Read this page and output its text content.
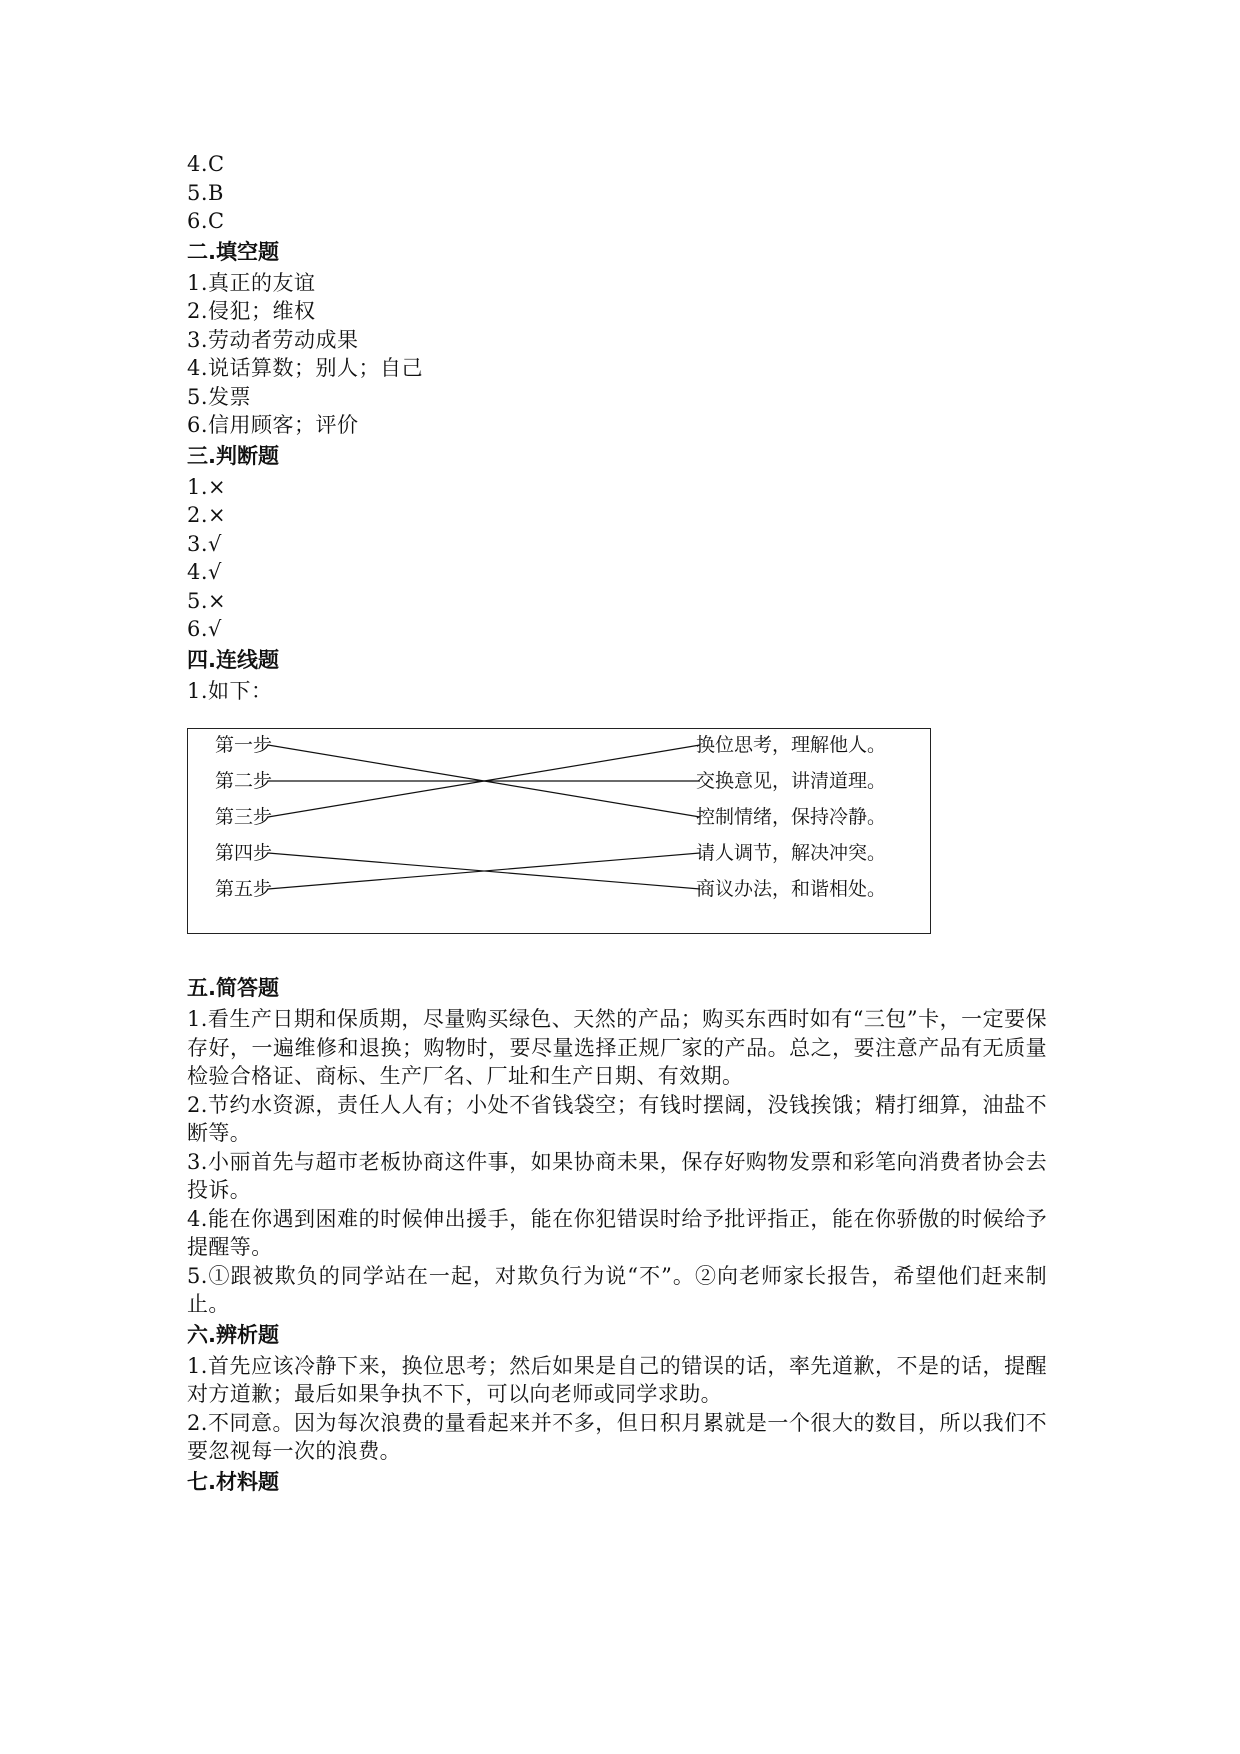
4.C
5.B
6.C
二.填空题
1.真正的友谊
2.侵犯；维权
3.劳动者劳动成果
4.说话算数；别人；自己
5.发票
6.信用顾客；评价
三.判断题
1.×
2.×
3.√
4.√
5.×
6.√
四.连线题
1.如下：
第一步
第二步
第三步
第四步
第五步
换位思考，理解他人。
交换意见，讲清道理。
控制情绪，保持冷静。
请人调节，解决冲突。
商议办法，和谐相处。
五.简答题
1.看生产日期和保质期，尽量购买绿色、天然的产品；购买东西时如有“三包”卡，一定要保存好，一遍维修和退换；购物时，要尽量选择正规厂家的产品。总之，要注意产品有无质量检验合格证、商标、生产厂名、厂址和生产日期、有效期。
2.节约水资源，责任人人有；小处不省钱袋空；有钱时摆阔，没钱挨饿；精打细算，油盐不断等。
3.小丽首先与超市老板协商这件事，如果协商未果，保存好购物发票和彩笔向消费者协会去投诉。
4.能在你遇到困难的时候伸出援手，能在你犯错误时给予批评指正，能在你骄傲的时候给予提醒等。
5.①跟被欺负的同学站在一起，对欺负行为说“不”。②向老师家长报告，希望他们赶来制止。
六.辨析题
1.首先应该冷静下来，换位思考；然后如果是自己的错误的话，率先道歉，不是的话，提醒对方道歉；最后如果争执不下，可以向老师或同学求助。
2.不同意。因为每次浪费的量看起来并不多，但日积月累就是一个很大的数目，所以我们不要忽视每一次的浪费。
七.材料题
